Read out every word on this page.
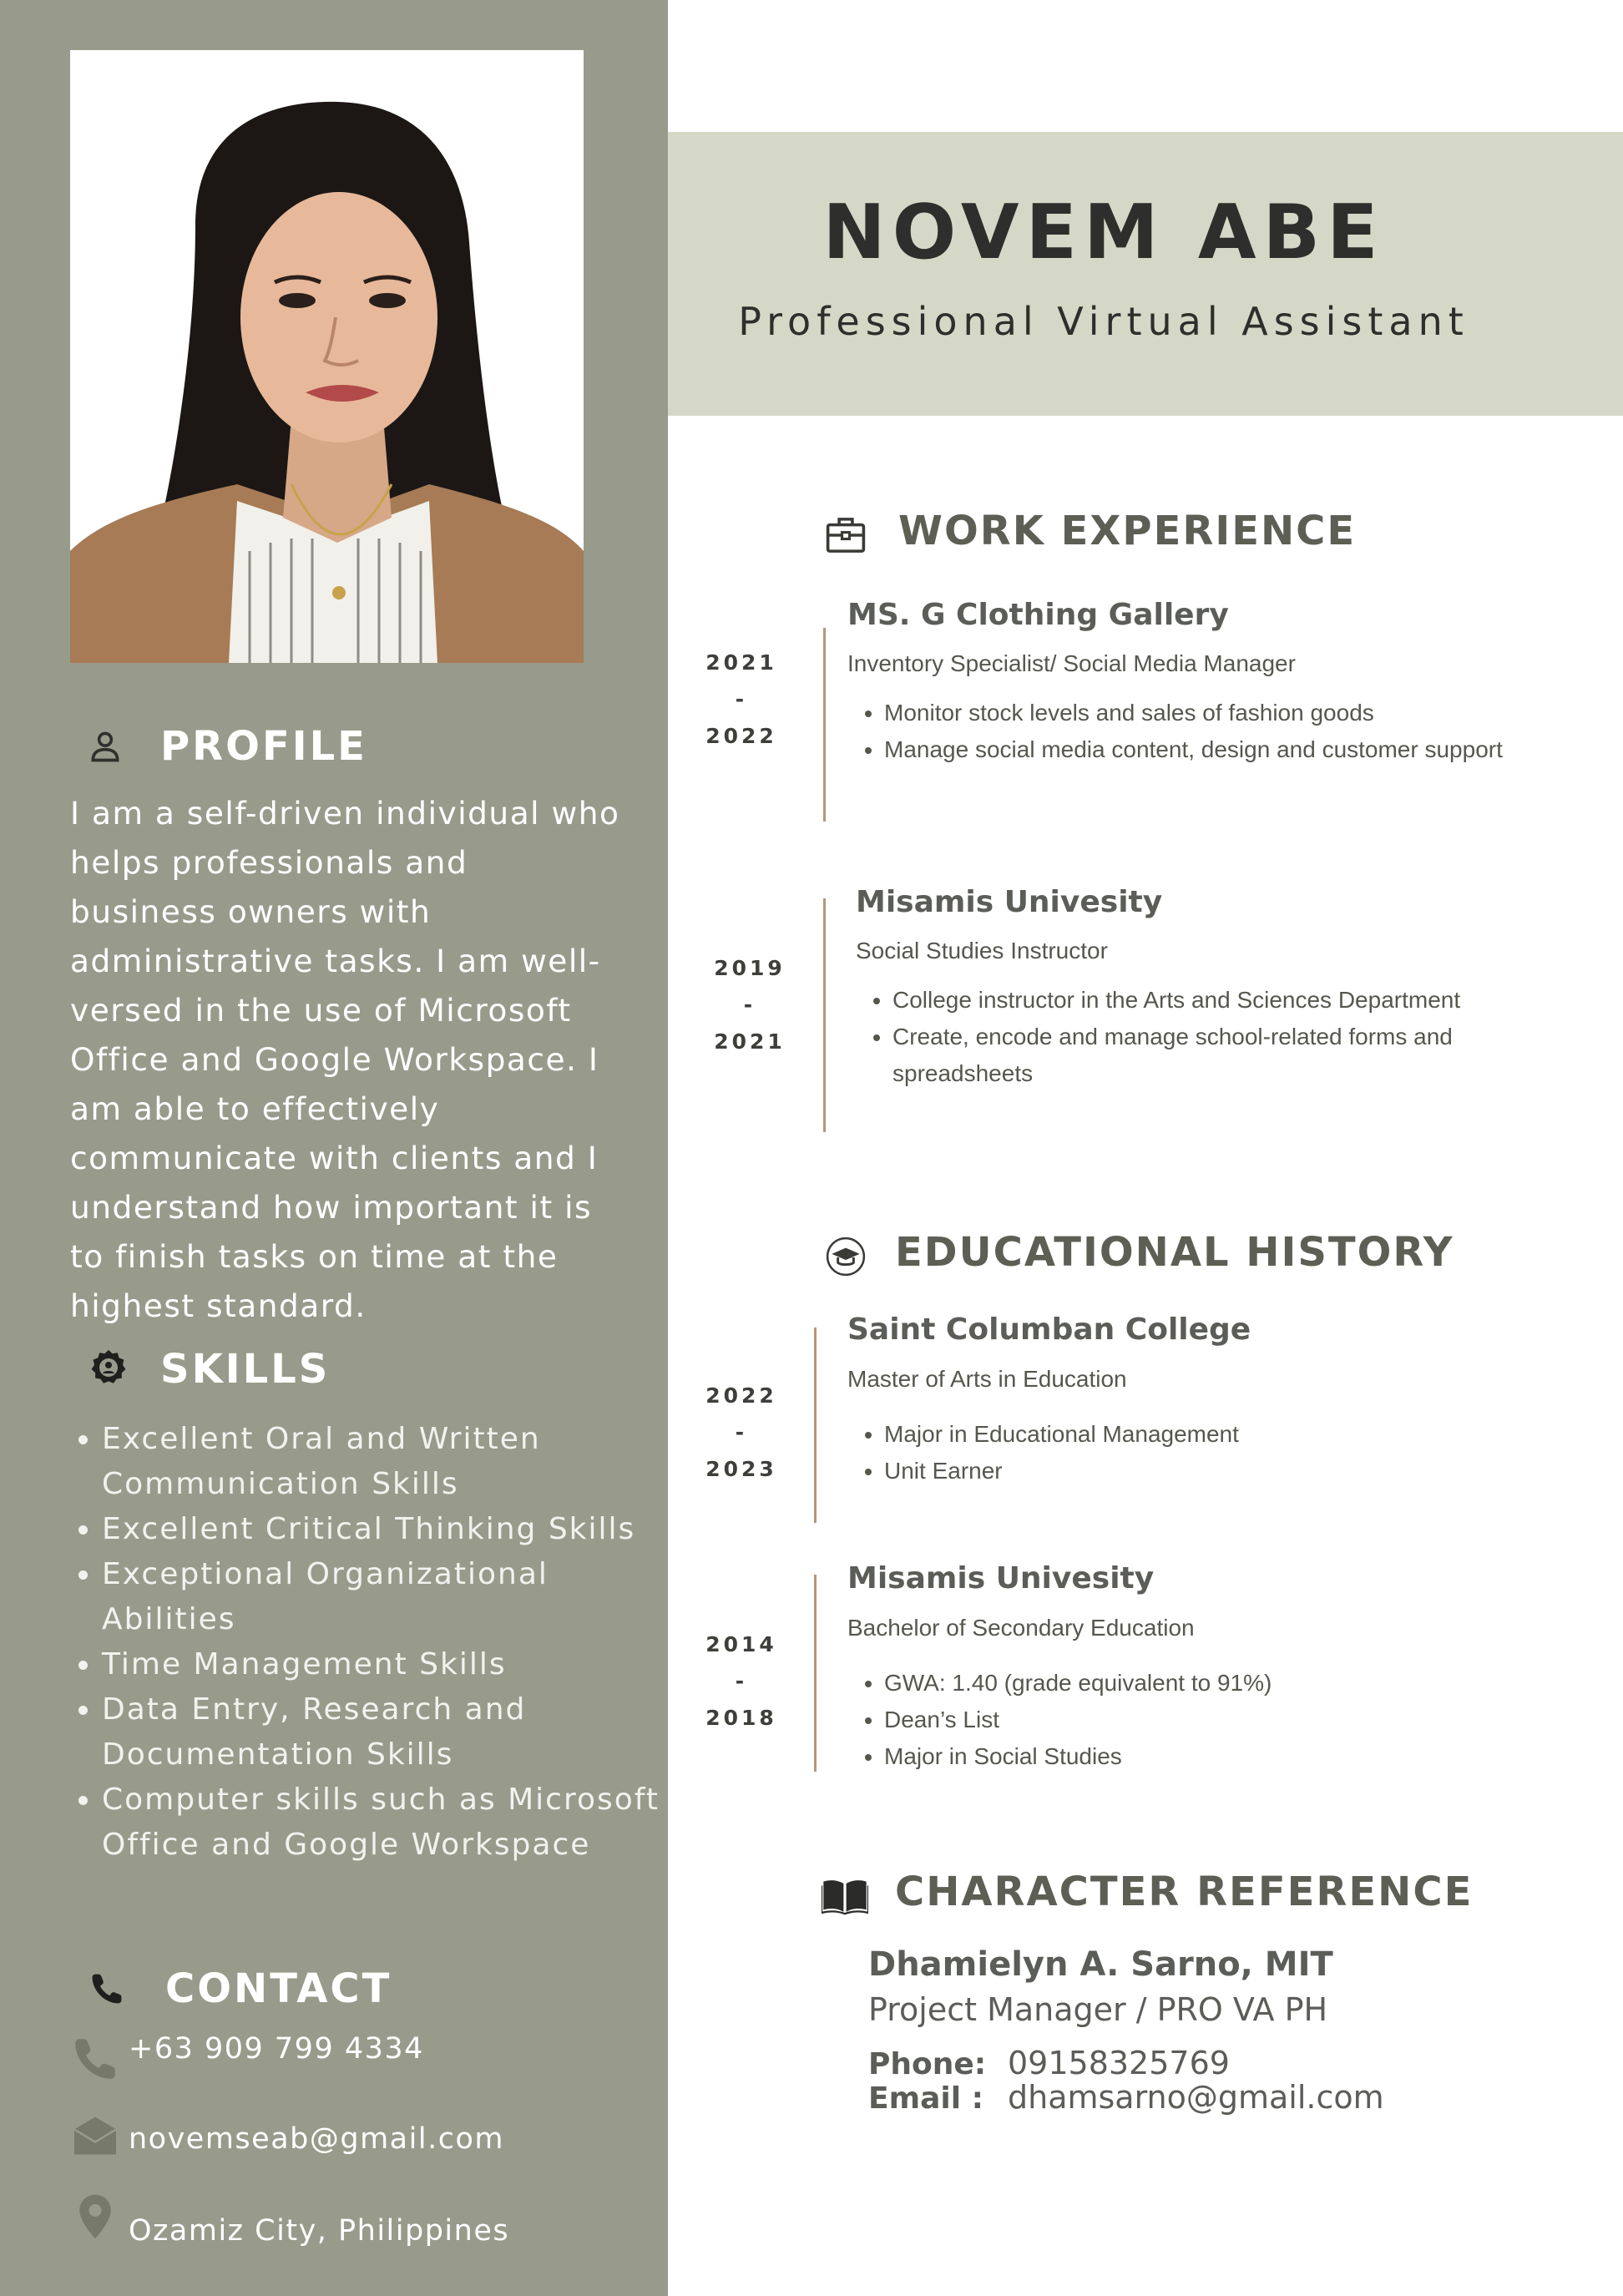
PROFILE

I am a self-driven individual who helps professionals and business owners with administrative tasks. I am well-versed in the use of Microsoft Office and Google Workspace. I am able to effectively communicate with clients and I understand how important it is to finish tasks on time at the highest standard.

SKILLS
• Excellent Oral and Written Communication Skills
• Excellent Critical Thinking Skills
• Exceptional Organizational Abilities
• Time Management Skills
• Data Entry, Research and Documentation Skills
• Computer skills such as Microsoft Office and Google Workspace
CONTACT
+63 909 799 4334
novemseab@gmail.com
Ozamiz City, Philippines
NOVEM ABE
Professional Virtual Assistant
WORK EXPERIENCE
2021
-
2022
MS. G Clothing Gallery
Inventory Specialist/ Social Media Manager
• Monitor stock levels and sales of fashion goods
• Manage social media content, design and customer support
2019
-
2021
Misamis Univesity
Social Studies Instructor
• College instructor in the Arts and Sciences Department
• Create, encode and manage school-related forms and spreadsheets
EDUCATIONAL HISTORY
2022
-
2023
Saint Columban College
Master of Arts in Education
• Major in Educational Management
• Unit Earner
2014
-
2018
Misamis Univesity
Bachelor of Secondary Education
• GWA: 1.40 (grade equivalent to 91%)
• Dean’s List
• Major in Social Studies
CHARACTER REFERENCE
Dhamielyn A. Sarno, MIT
Project Manager / PRO VA PH
Phone: 09158325769
Email : dhamsarno@gmail.com
